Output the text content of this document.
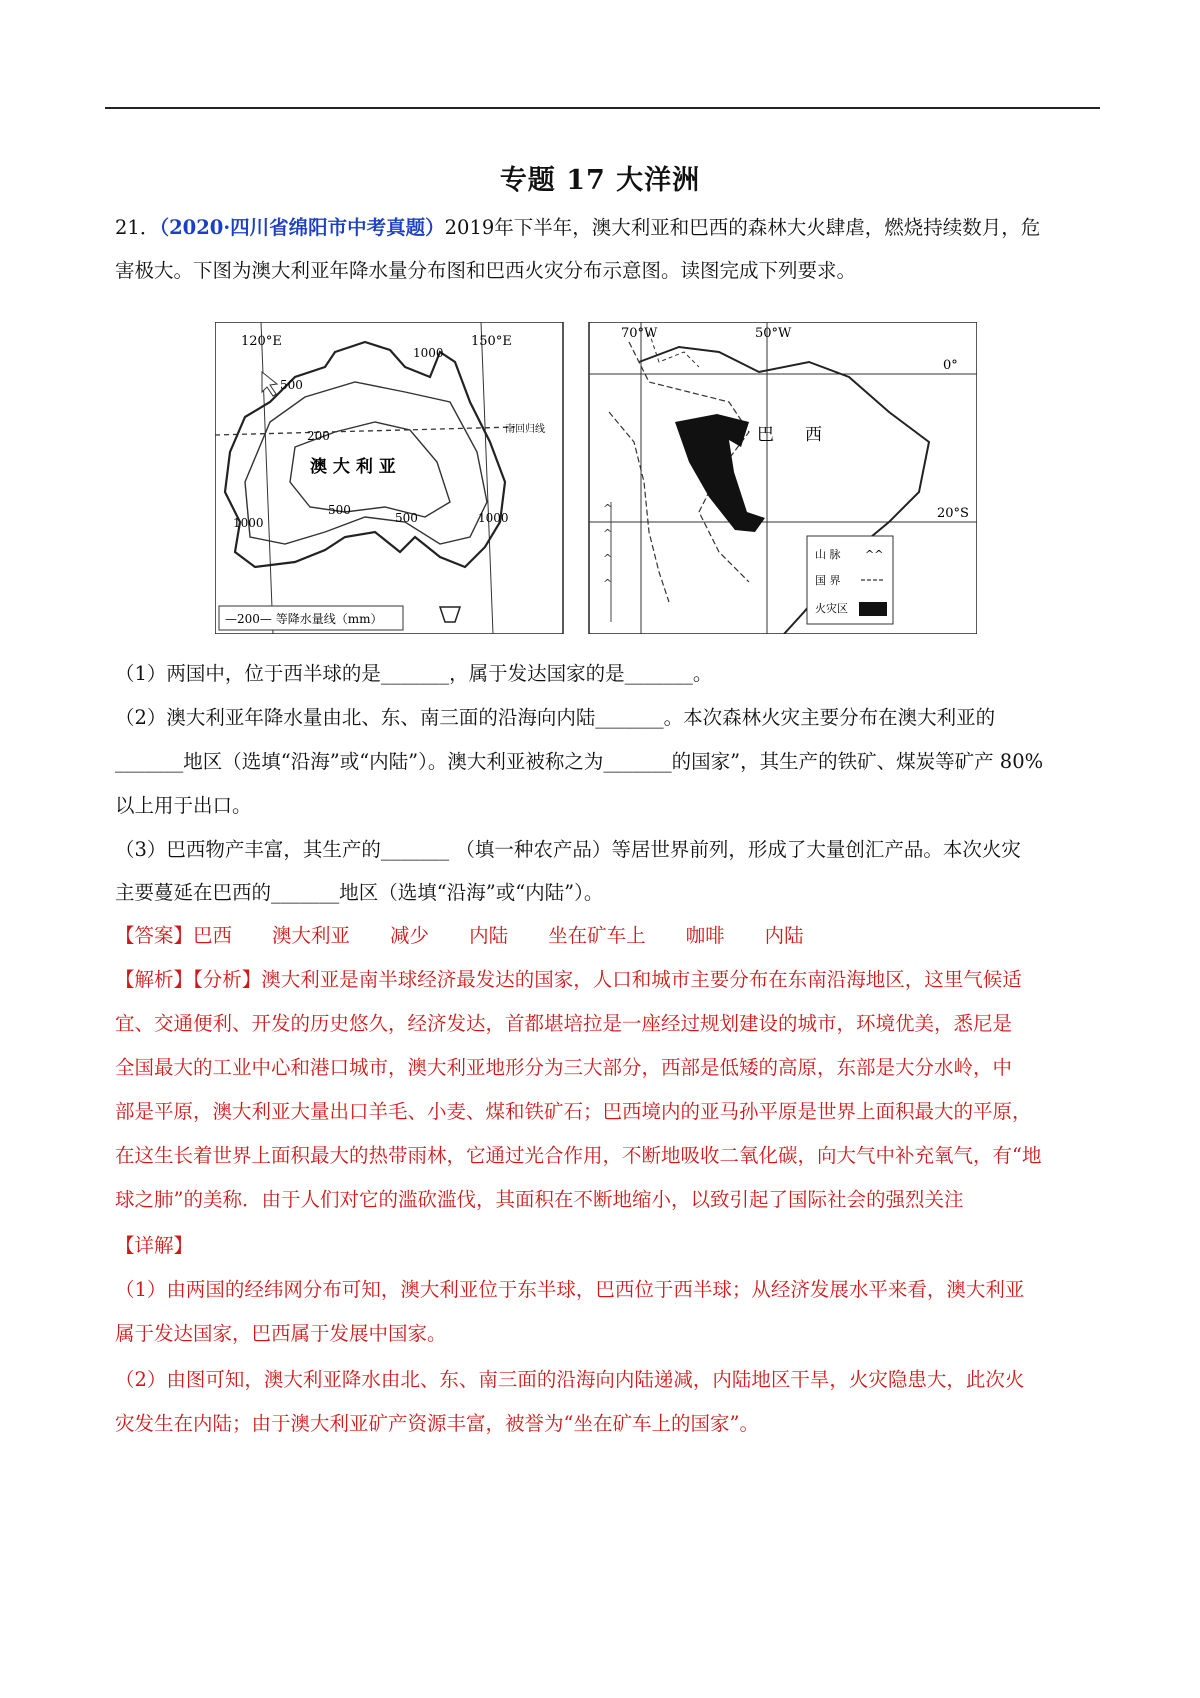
专题 17 大洋洲
21．（2020·四川省绵阳市中考真题）2019年下半年，澳大利亚和巴西的森林大火肆虐，燃烧持续数月，危
害极大。下图为澳大利亚年降水量分布图和巴西火灾分布示意图。读图完成下列要求。
120°E	150°E
南回归线
澳 大 利 亚
1000
500
200
500
500	1000
1000
—200— 等降水量线（mm）
^
^
^
^
70°W	50°W
0°
20°S
巴 西
山 脉 ^^
国 界
火灾区
（1）两国中，位于西半球的是_______，属于发达国家的是_______。
（2）澳大利亚年降水量由北、东、南三面的沿海向内陆_______。本次森林火灾主要分布在澳大利亚的
_______地区（选填“沿海”或“内陆”）。澳大利亚被称之为_______的国家”，其生产的铁矿、煤炭等矿产 80%
以上用于出口。
（3）巴西物产丰富，其生产的_______ （填一种农产品）等居世界前列，形成了大量创汇产品。本次火灾
主要蔓延在巴西的_______地区（选填“沿海”或“内陆”）。
【答案】巴西 澳大利亚 减少 内陆 坐在矿车上 咖啡 内陆
【解析】【分析】澳大利亚是南半球经济最发达的国家，人口和城市主要分布在东南沿海地区，这里气候适
宜、交通便利、开发的历史悠久，经济发达，首都堪培拉是一座经过规划建设的城市，环境优美，悉尼是
全国最大的工业中心和港口城市，澳大利亚地形分为三大部分，西部是低矮的高原，东部是大分水岭，中
部是平原，澳大利亚大量出口羊毛、小麦、煤和铁矿石；巴西境内的亚马孙平原是世界上面积最大的平原，
在这生长着世界上面积最大的热带雨林，它通过光合作用，不断地吸收二氧化碳，向大气中补充氧气，有“地
球之肺”的美称．由于人们对它的滥砍滥伐，其面积在不断地缩小，以致引起了国际社会的强烈关注
【详解】
（1）由两国的经纬网分布可知，澳大利亚位于东半球，巴西位于西半球；从经济发展水平来看，澳大利亚
属于发达国家，巴西属于发展中国家。
（2）由图可知，澳大利亚降水由北、东、南三面的沿海向内陆递减，内陆地区干旱，火灾隐患大，此次火
灾发生在内陆；由于澳大利亚矿产资源丰富，被誉为“坐在矿车上的国家”。
